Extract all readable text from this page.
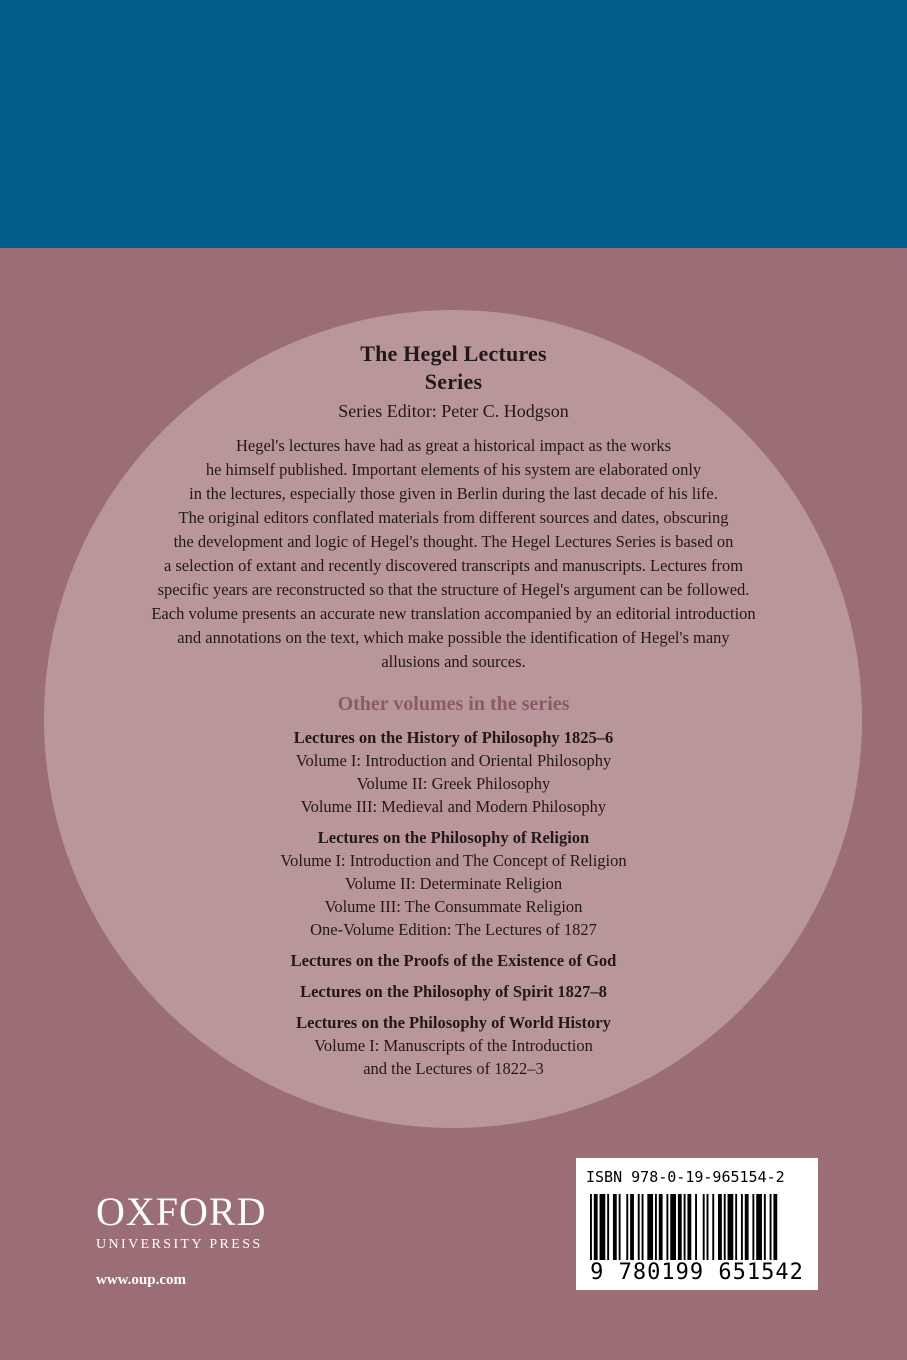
The Hegel Lectures
Series
Series Editor: Peter C. Hodgson
Hegel's lectures have had as great a historical impact as the works
he himself published. Important elements of his system are elaborated only
in the lectures, especially those given in Berlin during the last decade of his life.
The original editors conflated materials from different sources and dates, obscuring
the development and logic of Hegel's thought. The Hegel Lectures Series is based on
a selection of extant and recently discovered transcripts and manuscripts. Lectures from
specific years are reconstructed so that the structure of Hegel's argument can be followed.
Each volume presents an accurate new translation accompanied by an editorial introduction
and annotations on the text, which make possible the identification of Hegel's many
allusions and sources.
Other volumes in the series
Lectures on the History of Philosophy 1825–6
Volume I: Introduction and Oriental Philosophy
Volume II: Greek Philosophy
Volume III: Medieval and Modern Philosophy
Lectures on the Philosophy of Religion
Volume I: Introduction and The Concept of Religion
Volume II: Determinate Religion
Volume III: The Consummate Religion
One-Volume Edition: The Lectures of 1827
Lectures on the Proofs of the Existence of God
Lectures on the Philosophy of Spirit 1827–8
Lectures on the Philosophy of World History
Volume I: Manuscripts of the Introduction
and the Lectures of 1822–3
OXFORD
UNIVERSITY PRESS
www.oup.com
ISBN 978-0-19-965154-2
9 780199 651542
